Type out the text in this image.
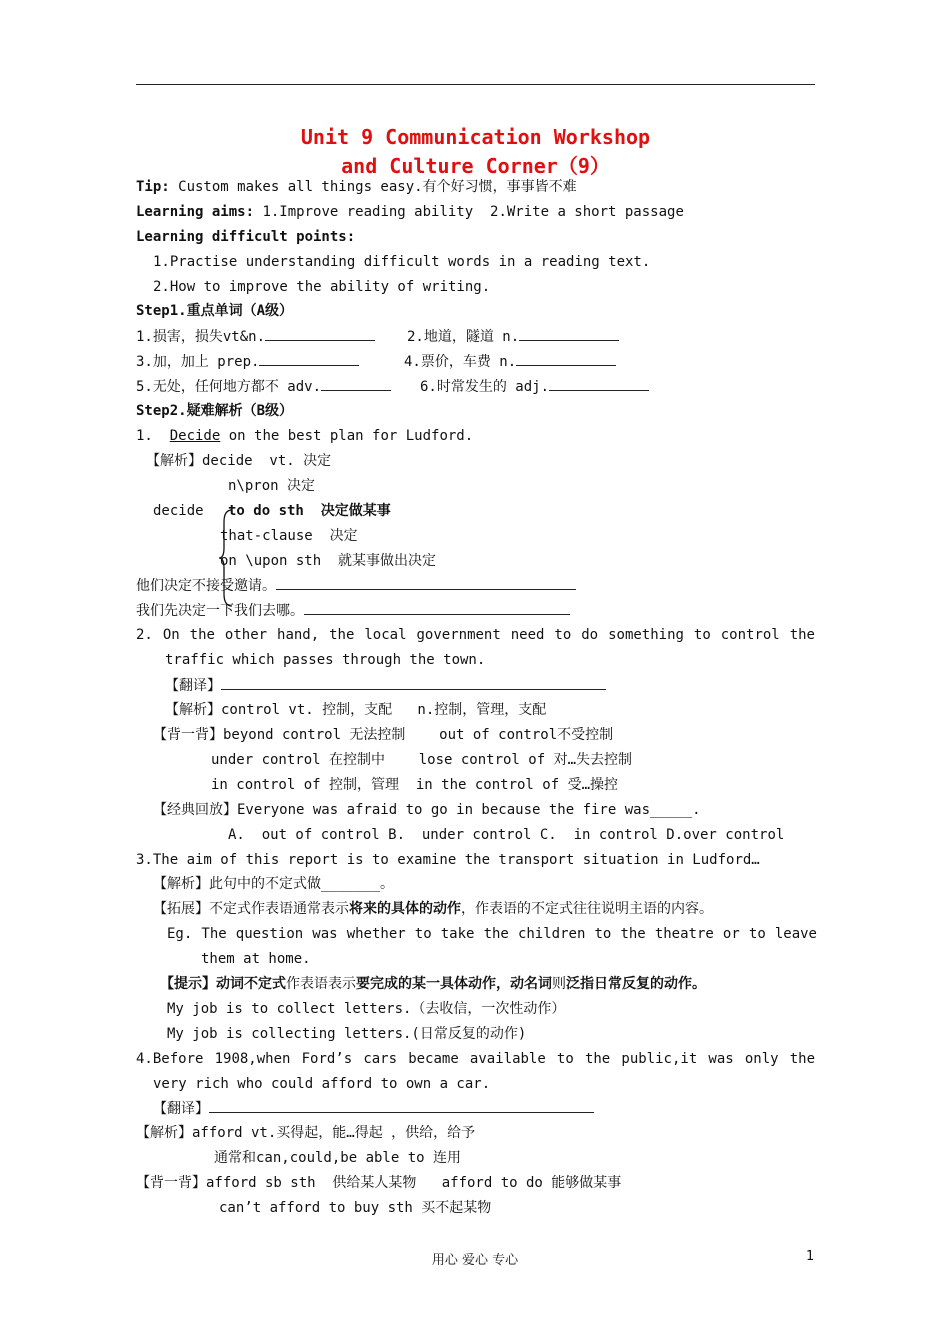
Unit 9 Communication Workshop
and Culture Corner（9）
Tip: Custom makes all things easy.有个好习惯，事事皆不难
Learning aims: 1.Improve reading ability  2.Write a short passage
Learning difficult points:
1.Practise understanding difficult words in a reading text.
2.How to improve the ability of writing.
Step1.重点单词（A级）
1.损害，损失vt&n.	2.地道，隧道 n.
3.加，加上 prep.	4.票价，车费 n.
5.无处，任何地方都不 adv.	6.时常发生的 adj.
Step2.疑难解析（B级）
1.  Decide on the best plan for Ludford.
【解析】decide  vt. 决定
n\pron 决定
decide to do sth  决定做某事
that-clause  决定
on \upon sth  就某事做出决定
他们决定不接受邀请。
我们先决定一下我们去哪。
2. On the other hand, the local government need to do something to control the
traffic which passes through the town.
【翻译】
【解析】control vt. 控制，支配   n.控制，管理，支配
【背一背】beyond control 无法控制    out of control不受控制
under control 在控制中    lose control of 对…失去控制
in control of 控制，管理  in the control of 受…操控
【经典回放】Everyone was afraid to go in because the fire was_____.
A.  out of control B.  under control C.  in control D.over control
3.The aim of this report is to examine the transport situation in Ludford…
【解析】此句中的不定式做_______。
【拓展】不定式作表语通常表示将来的具体的动作，作表语的不定式往往说明主语的内容。
Eg. The question was whether to take the children to the theatre or to leave
them at home.
【提示】动词不定式作表语表示要完成的某一具体动作，动名词则泛指日常反复的动作。
My job is to collect letters.（去收信，一次性动作）
My job is collecting letters.(日常反复的动作)
4.Before 1908,when Ford’s cars became available to the public,it was only the
very rich who could afford to own a car.
【翻译】
【解析】afford vt.买得起，能…得起 ，供给，给予
通常和can,could,be able to 连用
【背一背】afford sb sth  供给某人某物   afford to do 能够做某事
can’t afford to buy sth 买不起某物
用心 爱心 专心	1
